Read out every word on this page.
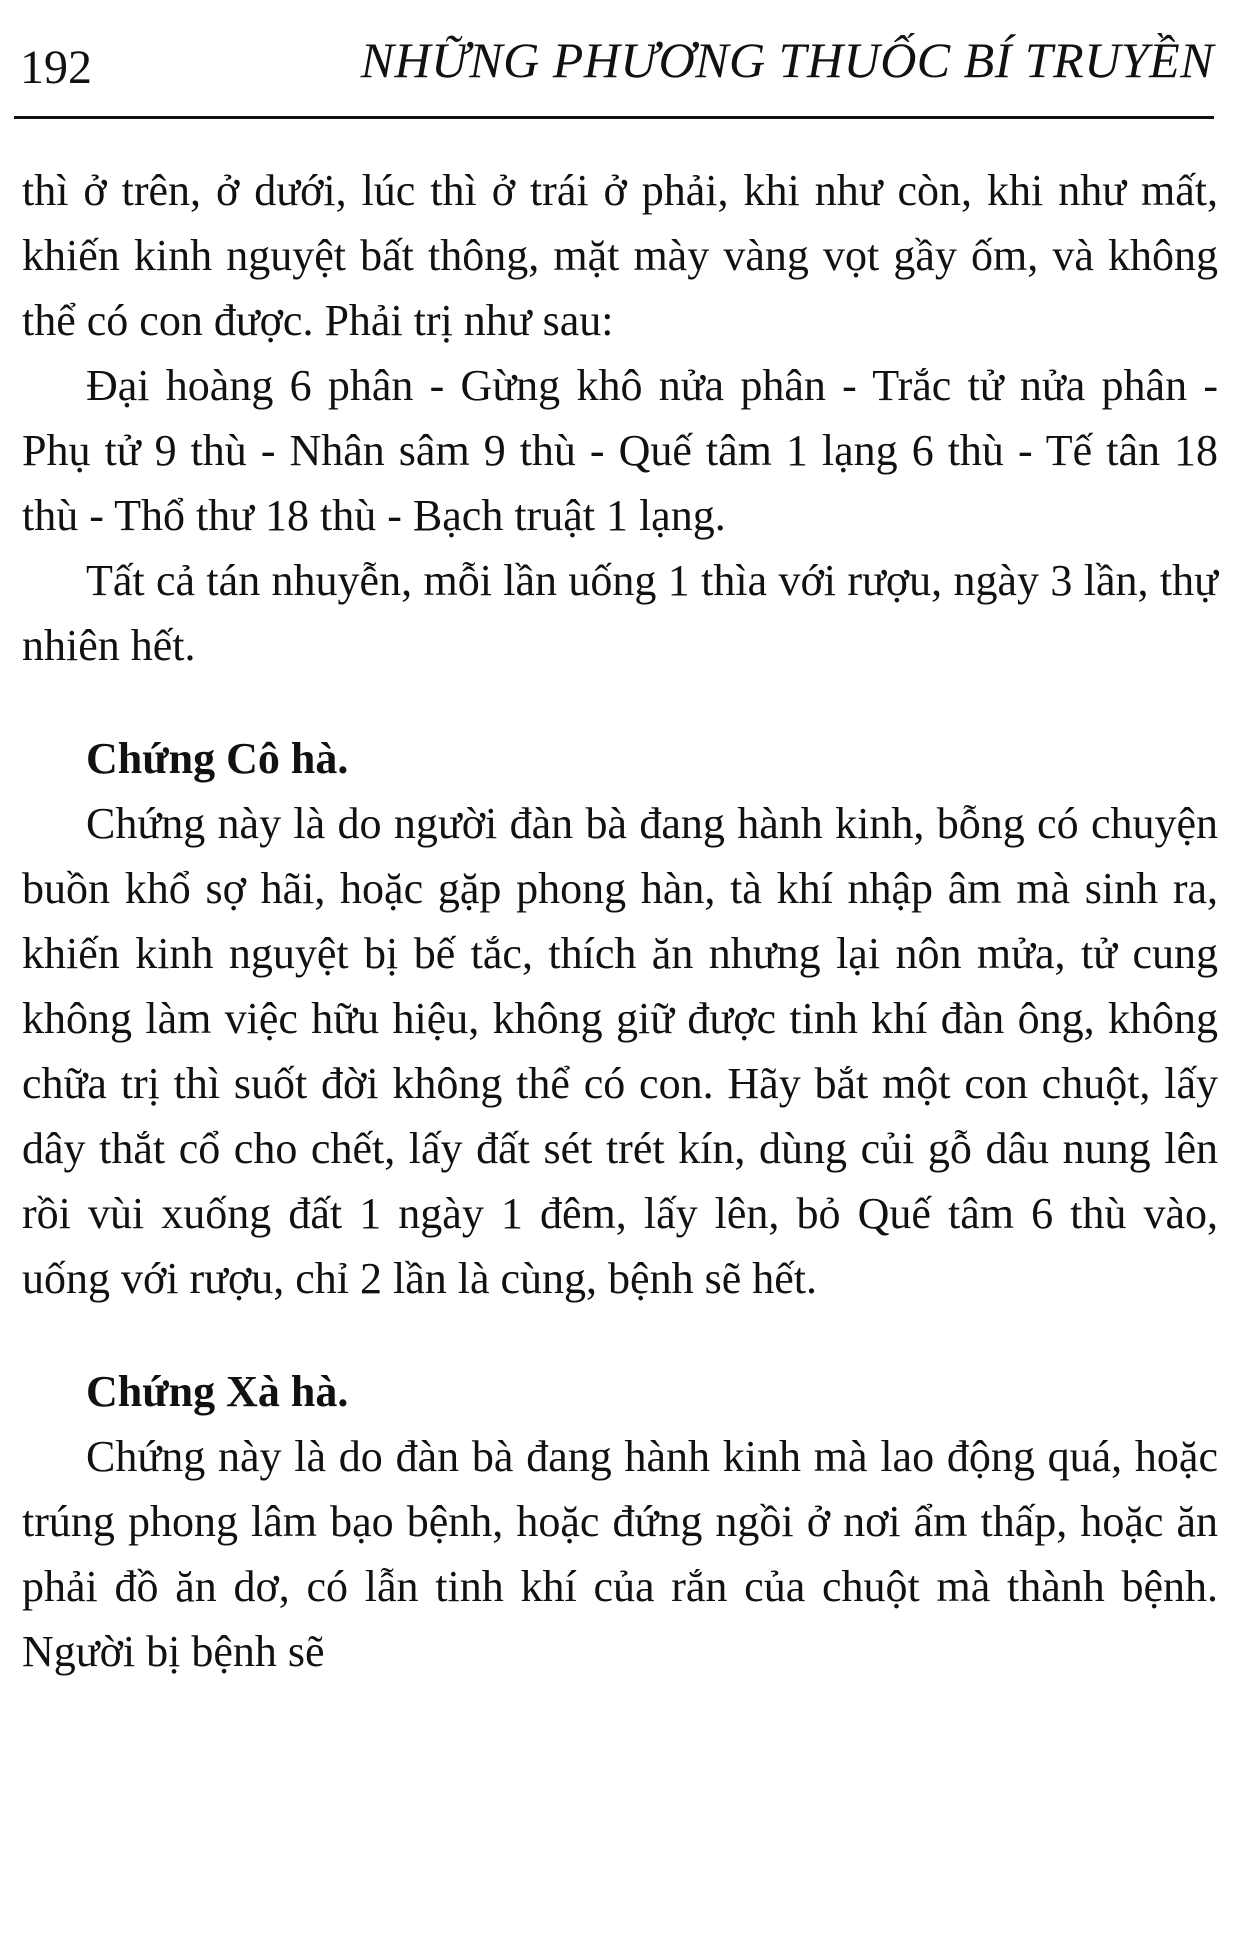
192	NHỮNG PHƯƠNG THUỐC BÍ TRUYỀN

thì ở trên, ở dưới, lúc thì ở trái ở phải, khi như còn, khi như mất, khiến kinh nguyệt bất thông, mặt mày vàng vọt gầy ốm, và không thể có con được. Phải trị như sau:

Đại hoàng 6 phân - Gừng khô nửa phân - Trắc tử nửa phân - Phụ tử 9 thù - Nhân sâm 9 thù - Quế tâm 1 lạng 6 thù - Tế tân 18 thù - Thổ thư 18 thù - Bạch truật 1 lạng.

Tất cả tán nhuyễn, mỗi lần uống 1 thìa với rượu, ngày 3 lần, thự nhiên hết.

Chứng Cô hà.

Chứng này là do người đàn bà đang hành kinh, bỗng có chuyện buồn khổ sợ hãi, hoặc gặp phong hàn, tà khí nhập âm mà sinh ra, khiến kinh nguyệt bị bế tắc, thích ăn nhưng lại nôn mửa, tử cung không làm việc hữu hiệu, không giữ được tinh khí đàn ông, không chữa trị thì suốt đời không thể có con. Hãy bắt một con chuột, lấy dây thắt cổ cho chết, lấy đất sét trét kín, dùng củi gỗ dâu nung lên rồi vùi xuống đất 1 ngày 1 đêm, lấy lên, bỏ Quế tâm 6 thù vào, uống với rượu, chỉ 2 lần là cùng, bệnh sẽ hết.

Chứng Xà hà.

Chứng này là do đàn bà đang hành kinh mà lao động quá, hoặc trúng phong lâm bạo bệnh, hoặc đứng ngồi ở nơi ẩm thấp, hoặc ăn phải đồ ăn dơ, có lẫn tinh khí của rắn của chuột mà thành bệnh. Người bị bệnh sẽ
